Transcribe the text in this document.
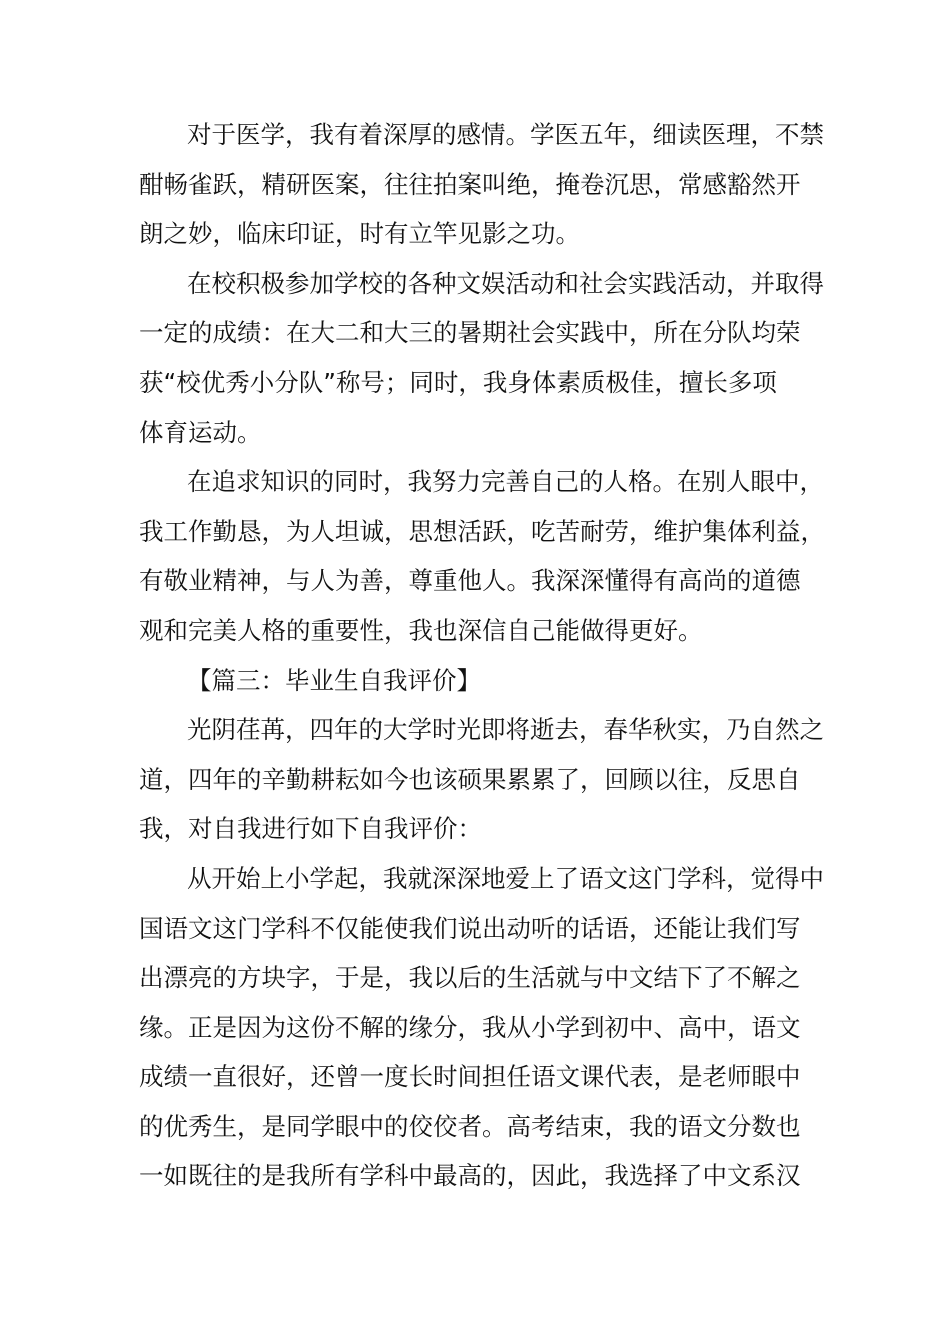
对于医学，我有着深厚的感情。学医五年，细读医理，不禁
酣畅雀跃，精研医案，往往拍案叫绝，掩卷沉思，常感豁然开
朗之妙，临床印证，时有立竿见影之功。
在校积极参加学校的各种文娱活动和社会实践活动，并取得
一定的成绩：在大二和大三的暑期社会实践中，所在分队均荣
获“校优秀小分队”称号；同时，我身体素质极佳，擅长多项
体育运动。
在追求知识的同时，我努力完善自己的人格。在别人眼中，
我工作勤恳，为人坦诚，思想活跃，吃苦耐劳，维护集体利益，
有敬业精神，与人为善，尊重他人。我深深懂得有高尚的道德
观和完美人格的重要性，我也深信自己能做得更好。
【篇三：毕业生自我评价】
光阴荏苒，四年的大学时光即将逝去，春华秋实，乃自然之
道，四年的辛勤耕耘如今也该硕果累累了，回顾以往，反思自
我，对自我进行如下自我评价：
从开始上小学起，我就深深地爱上了语文这门学科，觉得中
国语文这门学科不仅能使我们说出动听的话语，还能让我们写
出漂亮的方块字，于是，我以后的生活就与中文结下了不解之
缘。正是因为这份不解的缘分，我从小学到初中、高中，语文
成绩一直很好，还曾一度长时间担任语文课代表，是老师眼中
的优秀生，是同学眼中的佼佼者。高考结束，我的语文分数也
一如既往的是我所有学科中最高的，因此，我选择了中文系汉
